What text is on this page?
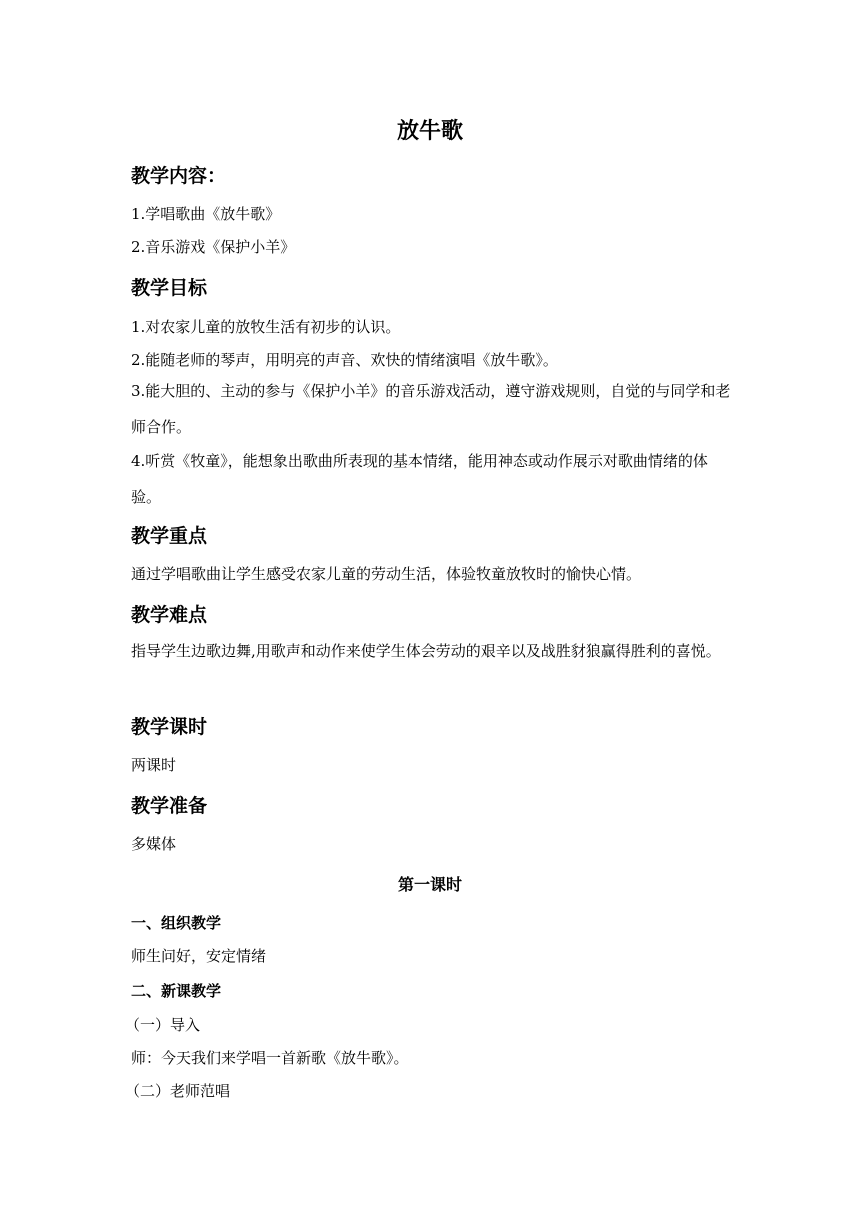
放牛歌
教学内容：

1.学唱歌曲《放牛歌》

2.音乐游戏《保护小羊》

教学目标

1.对农家儿童的放牧生活有初步的认识。

2.能随老师的琴声，用明亮的声音、欢快的情绪演唱《放牛歌》。

3.能大胆的、主动的参与《保护小羊》的音乐游戏活动，遵守游戏规则，自觉的与同学和老师合作。

4.听赏《牧童》，能想象出歌曲所表现的基本情绪，能用神态或动作展示对歌曲情绪的体验。

教学重点

通过学唱歌曲让学生感受农家儿童的劳动生活，体验牧童放牧时的愉快心情。

教学难点

指导学生边歌边舞,用歌声和动作来使学生体会劳动的艰辛以及战胜豺狼赢得胜利的喜悦。

教学课时

两课时

教学准备

多媒体

第一课时
一、组织教学

师生问好，安定情绪

二、新课教学

（一）导入

师：今天我们来学唱一首新歌《放牛歌》。

（二）老师范唱
